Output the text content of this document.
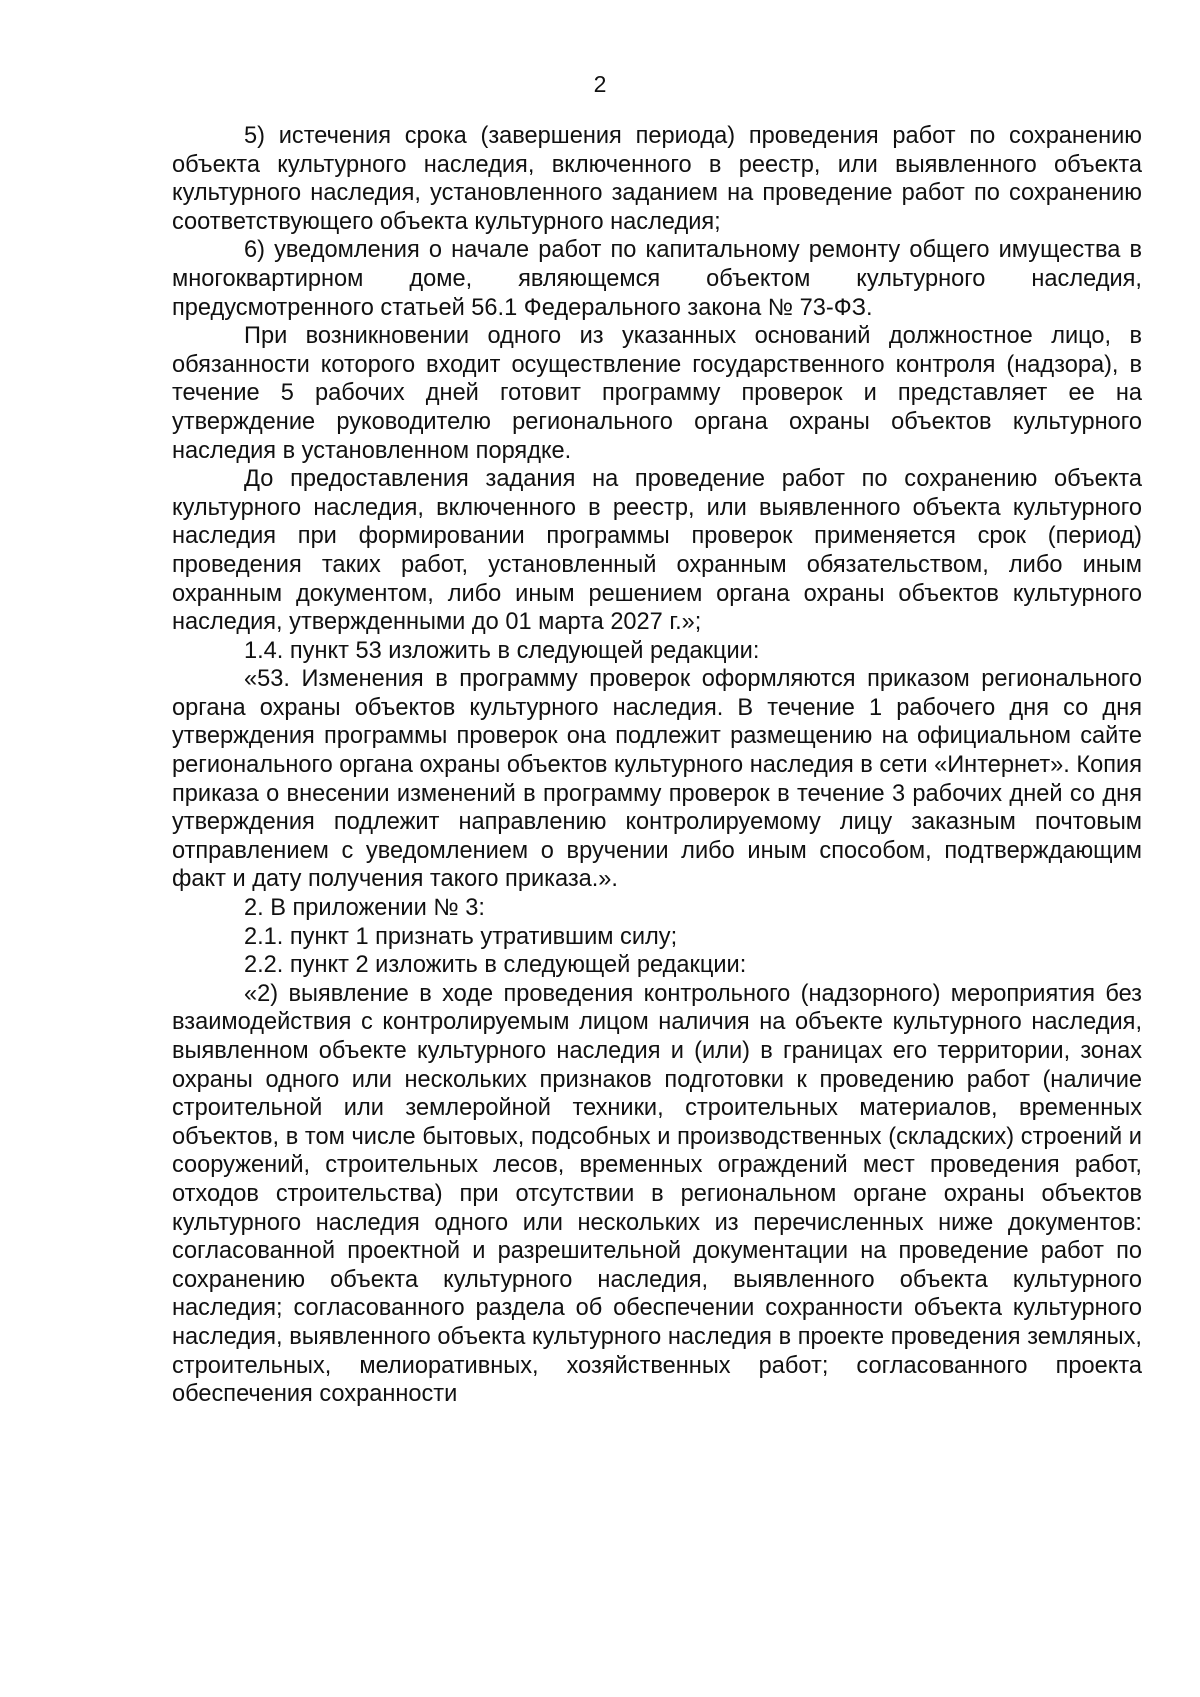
2

5) истечения срока (завершения периода) проведения работ по сохранению объекта культурного наследия, включенного в реестр, или выявленного объекта культурного наследия, установленного заданием на проведение работ по сохранению соответствующего объекта культурного наследия;

6) уведомления о начале работ по капитальному ремонту общего имущества в многоквартирном доме, являющемся объектом культурного наследия, предусмотренного статьей 56.1 Федерального закона № 73-ФЗ.

При возникновении одного из указанных оснований должностное лицо, в обязанности которого входит осуществление государственного контроля (надзора), в течение 5 рабочих дней готовит программу проверок и представляет ее на утверждение руководителю регионального органа охраны объектов культурного наследия в установленном порядке.

До предоставления задания на проведение работ по сохранению объекта культурного наследия, включенного в реестр, или выявленного объекта культурного наследия при формировании программы проверок применяется срок (период) проведения таких работ, установленный охранным обязательством, либо иным охранным документом, либо иным решением органа охраны объектов культурного наследия, утвержденными до 01 марта 2027 г.»;

1.4. пункт 53 изложить в следующей редакции:

«53. Изменения в программу проверок оформляются приказом регионального органа охраны объектов культурного наследия. В течение 1 рабочего дня со дня утверждения программы проверок она подлежит размещению на официальном сайте регионального органа охраны объектов культурного наследия в сети «Интернет». Копия приказа о внесении изменений в программу проверок в течение 3 рабочих дней со дня утверждения подлежит направлению контролируемому лицу заказным почтовым отправлением с уведомлением о вручении либо иным способом, подтверждающим факт и дату получения такого приказа.».

2. В приложении № 3:

2.1. пункт 1 признать утратившим силу;

2.2. пункт 2 изложить в следующей редакции:

«2) выявление в ходе проведения контрольного (надзорного) мероприятия без взаимодействия с контролируемым лицом наличия на объекте культурного наследия, выявленном объекте культурного наследия и (или) в границах его территории, зонах охраны одного или нескольких признаков подготовки к проведению работ (наличие строительной или землеройной техники, строительных материалов, временных объектов, в том числе бытовых, подсобных и производственных (складских) строений и сооружений, строительных лесов, временных ограждений мест проведения работ, отходов строительства) при отсутствии в региональном органе охраны объектов культурного наследия одного или нескольких из перечисленных ниже документов: согласованной проектной и разрешительной документации на проведение работ по сохранению объекта культурного наследия, выявленного объекта культурного наследия; согласованного раздела об обеспечении сохранности объекта культурного наследия, выявленного объекта культурного наследия в проекте проведения земляных, строительных, мелиоративных, хозяйственных работ; согласованного проекта обеспечения сохранности
